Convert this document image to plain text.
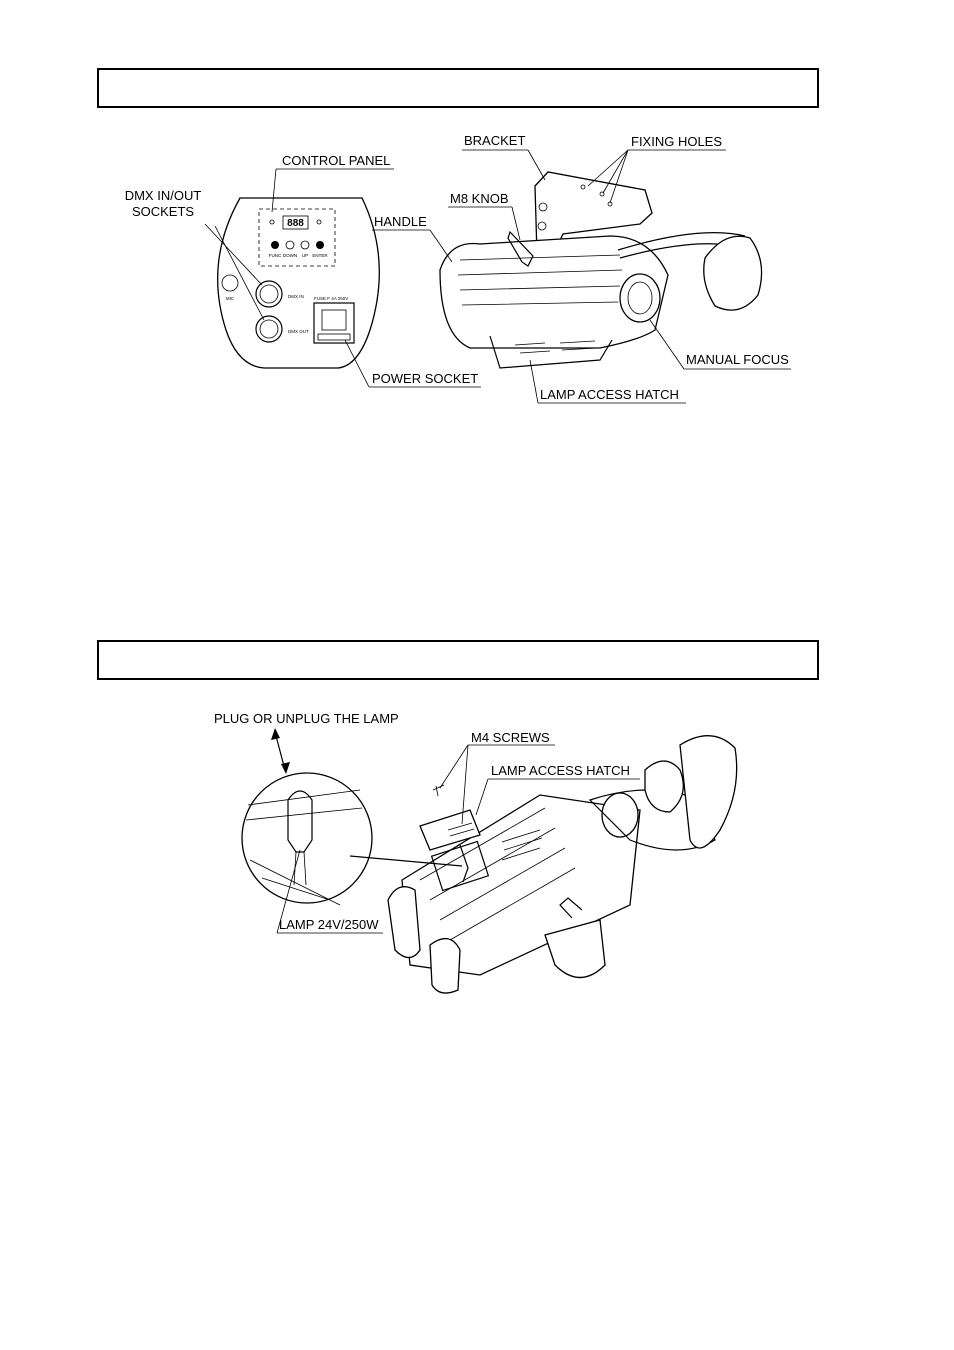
888
FUNC DOWN UP ENTER
MIC	DMX IN
DMX OUT
FUSE F 4A 250V
CONTROL PANEL
DMX IN/OUT
SOCKETS
BRACKET	FIXING HOLES
M8 KNOB
HANDLE
MANUAL FOCUS
POWER SOCKET
LAMP ACCESS HATCH
PLUG OR UNPLUG THE LAMP
M4 SCREWS
LAMP ACCESS HATCH
LAMP 24V/250W
